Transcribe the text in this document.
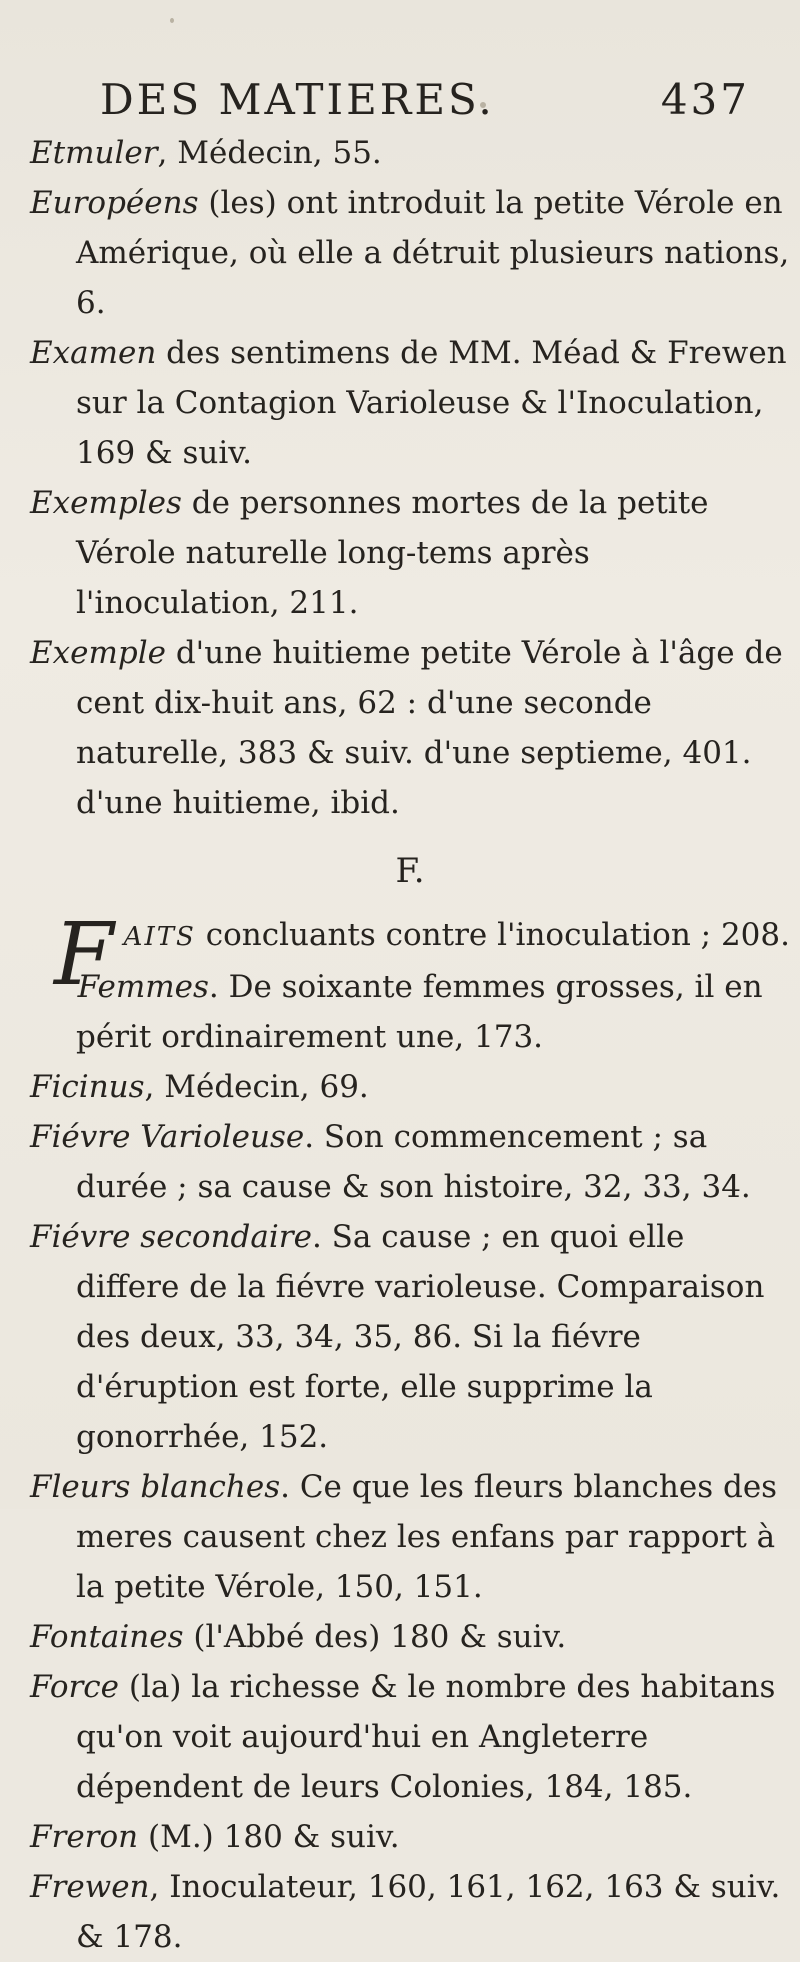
DES MATIERES.	437

Etmuler, Médecin, 55.

Européens (les) ont introduit la petite Vérole en Amérique, où elle a détruit plusieurs nations, 6.

Examen des sentimens de MM. Méad & Frewen sur la Contagion Varioleuse & l'Inoculation, 169 & suiv.

Exemples de personnes mortes de la petite Vérole naturelle long-tems après l'inoculation, 211.

Exemple d'une huitieme petite Vérole à l'âge de cent dix-huit ans, 62 : d'une seconde naturelle, 383 & suiv. d'une septieme, 401. d'une huitieme, ibid.

F.

FAITS concluants contre l'inoculation ; 208.

Femmes. De soixante femmes grosses, il en périt ordinairement une, 173.

Ficinus, Médecin, 69.

Fiévre Varioleuse. Son commencement ; sa durée ; sa cause & son histoire, 32, 33, 34.

Fiévre secondaire. Sa cause ; en quoi elle differe de la fiévre varioleuse. Comparaison des deux, 33, 34, 35, 86. Si la fiévre d'éruption est forte, elle supprime la gonorrhée, 152.

Fleurs blanches. Ce que les fleurs blanches des meres causent chez les enfans par rapport à la petite Vérole, 150, 151.

Fontaines (l'Abbé des) 180 & suiv.

Force (la) la richesse & le nombre des habitans qu'on voit aujourd'hui en Angleterre dépendent de leurs Colonies, 184, 185.

Freron (M.) 180 & suiv.

Frewen, Inoculateur, 160, 161, 162, 163 & suiv. & 178.
